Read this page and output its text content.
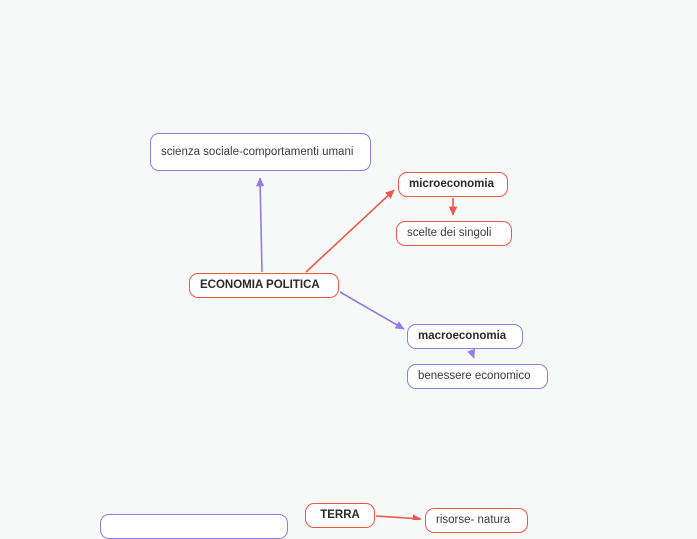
scienza sociale-comportamenti umani
microeconomia
scelte dei singoli
ECONOMIA POLITICA
macroeconomia
benessere economico
TERRA	risorse- natura
